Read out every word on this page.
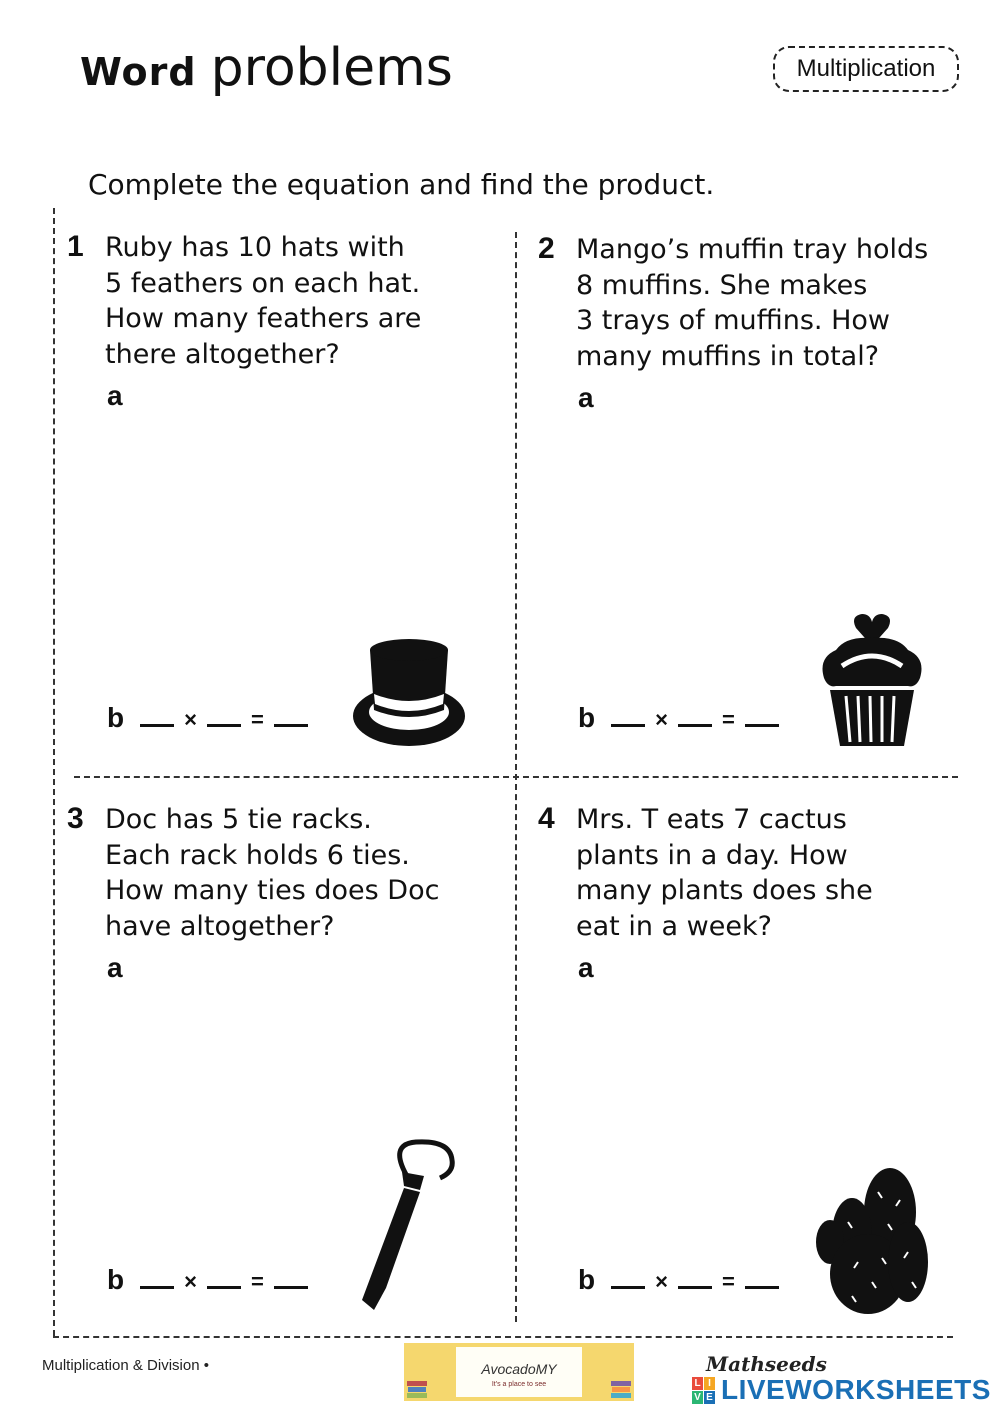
Word problems	Multiplication
Complete the equation and find the product.
1 Ruby has 10 hats with
5 feathers on each hat.
How many feathers are
there altogether?
a
b	× =
2 Mango’s muffin tray holds
8 muffins. She makes
3 trays of muffins. How
many muffins in total?
a
b	× =
3 Doc has 5 tie racks.
Each rack holds 6 ties.
How many ties does Doc
have altogether?
a
b	× =
4 Mrs. T eats 7 cactus
plants in a day. How
many plants does she
eat in a week?
a
b	× =
Multiplication & Division •	AvocadoMY
It's a place to see
Mathseeds
L I
V E LIVEWORKSHEETS
